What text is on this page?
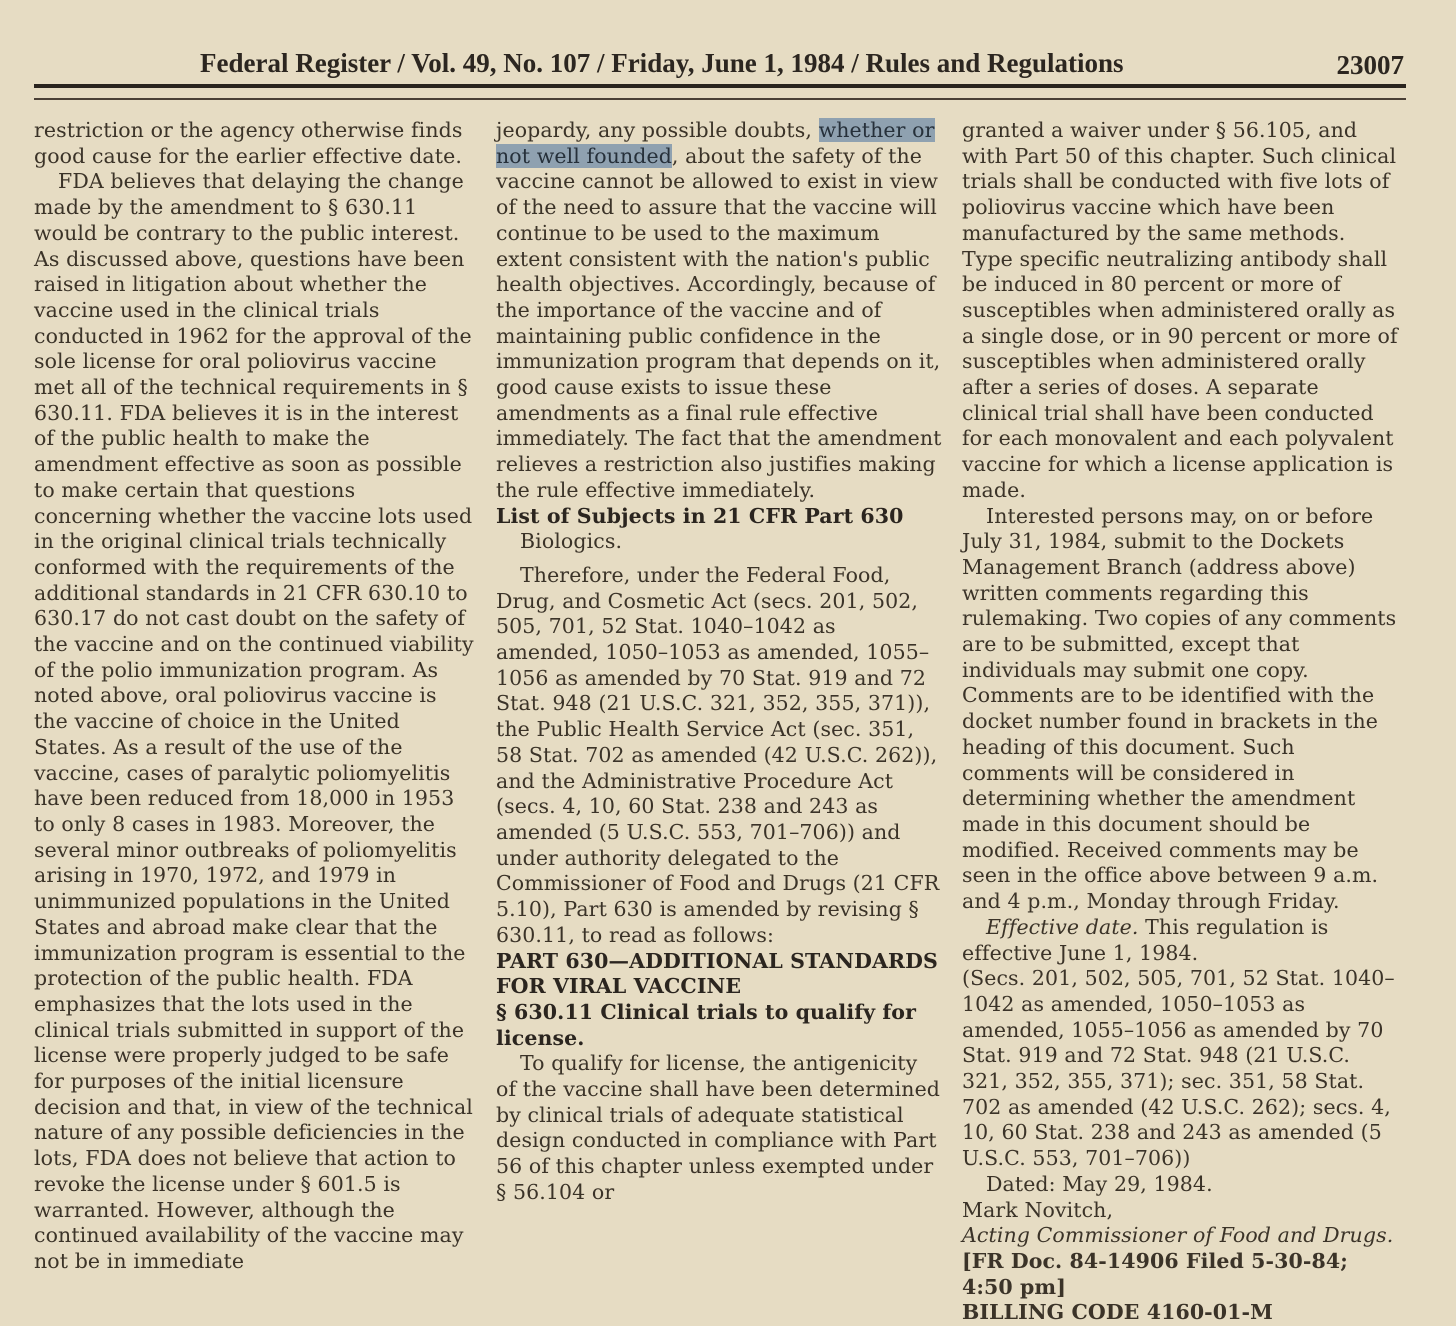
Federal Register / Vol. 49, No. 107 / Friday, June 1, 1984 / Rules and Regulations	23007

restriction or the agency otherwise finds good cause for the earlier effective date.

FDA believes that delaying the change made by the amendment to § 630.11 would be contrary to the public interest. As discussed above, questions have been raised in litigation about whether the vaccine used in the clinical trials conducted in 1962 for the approval of the sole license for oral poliovirus vaccine met all of the technical requirements in § 630.11. FDA believes it is in the interest of the public health to make the amendment effective as soon as possible to make certain that questions concerning whether the vaccine lots used in the original clinical trials technically conformed with the requirements of the additional standards in 21 CFR 630.10 to 630.17 do not cast doubt on the safety of the vaccine and on the continued viability of the polio immunization program. As noted above, oral poliovirus vaccine is the vaccine of choice in the United States. As a result of the use of the vaccine, cases of paralytic poliomyelitis have been reduced from 18,000 in 1953 to only 8 cases in 1983. Moreover, the several minor outbreaks of poliomyelitis arising in 1970, 1972, and 1979 in unimmunized populations in the United States and abroad make clear that the immunization program is essential to the protection of the public health. FDA emphasizes that the lots used in the clinical trials submitted in support of the license were properly judged to be safe for purposes of the initial licensure decision and that, in view of the technical nature of any possible deficiencies in the lots, FDA does not believe that action to revoke the license under § 601.5 is warranted. However, although the continued availability of the vaccine may not be in immediate

jeopardy, any possible doubts, whether or not well founded, about the safety of the vaccine cannot be allowed to exist in view of the need to assure that the vaccine will continue to be used to the maximum extent consistent with the nation's public health objectives. Accordingly, because of the importance of the vaccine and of maintaining public confidence in the immunization program that depends on it, good cause exists to issue these amendments as a final rule effective immediately. The fact that the amendment relieves a restriction also justifies making the rule effective immediately.

List of Subjects in 21 CFR Part 630

Biologics.

Therefore, under the Federal Food, Drug, and Cosmetic Act (secs. 201, 502, 505, 701, 52 Stat. 1040–1042 as amended, 1050–1053 as amended, 1055–1056 as amended by 70 Stat. 919 and 72 Stat. 948 (21 U.S.C. 321, 352, 355, 371)), the Public Health Service Act (sec. 351, 58 Stat. 702 as amended (42 U.S.C. 262)), and the Administrative Procedure Act (secs. 4, 10, 60 Stat. 238 and 243 as amended (5 U.S.C. 553, 701–706)) and under authority delegated to the Commissioner of Food and Drugs (21 CFR 5.10), Part 630 is amended by revising § 630.11, to read as follows:

PART 630—ADDITIONAL STANDARDS FOR VIRAL VACCINE

§ 630.11 Clinical trials to qualify for license.

To qualify for license, the antigenicity of the vaccine shall have been determined by clinical trials of adequate statistical design conducted in compliance with Part 56 of this chapter unless exempted under § 56.104 or

granted a waiver under § 56.105, and with Part 50 of this chapter. Such clinical trials shall be conducted with five lots of poliovirus vaccine which have been manufactured by the same methods. Type specific neutralizing antibody shall be induced in 80 percent or more of susceptibles when administered orally as a single dose, or in 90 percent or more of susceptibles when administered orally after a series of doses. A separate clinical trial shall have been conducted for each monovalent and each polyvalent vaccine for which a license application is made.

Interested persons may, on or before July 31, 1984, submit to the Dockets Management Branch (address above) written comments regarding this rulemaking. Two copies of any comments are to be submitted, except that individuals may submit one copy. Comments are to be identified with the docket number found in brackets in the heading of this document. Such comments will be considered in determining whether the amendment made in this document should be modified. Received comments may be seen in the office above between 9 a.m. and 4 p.m., Monday through Friday.

Effective date. This regulation is effective June 1, 1984.

(Secs. 201, 502, 505, 701, 52 Stat. 1040–1042 as amended, 1050–1053 as amended, 1055–1056 as amended by 70 Stat. 919 and 72 Stat. 948 (21 U.S.C. 321, 352, 355, 371); sec. 351, 58 Stat. 702 as amended (42 U.S.C. 262); secs. 4, 10, 60 Stat. 238 and 243 as amended (5 U.S.C. 553, 701–706))

Dated: May 29, 1984.

Mark Novitch,

Acting Commissioner of Food and Drugs.

[FR Doc. 84-14906 Filed 5-30-84; 4:50 pm]

BILLING CODE 4160-01-M
